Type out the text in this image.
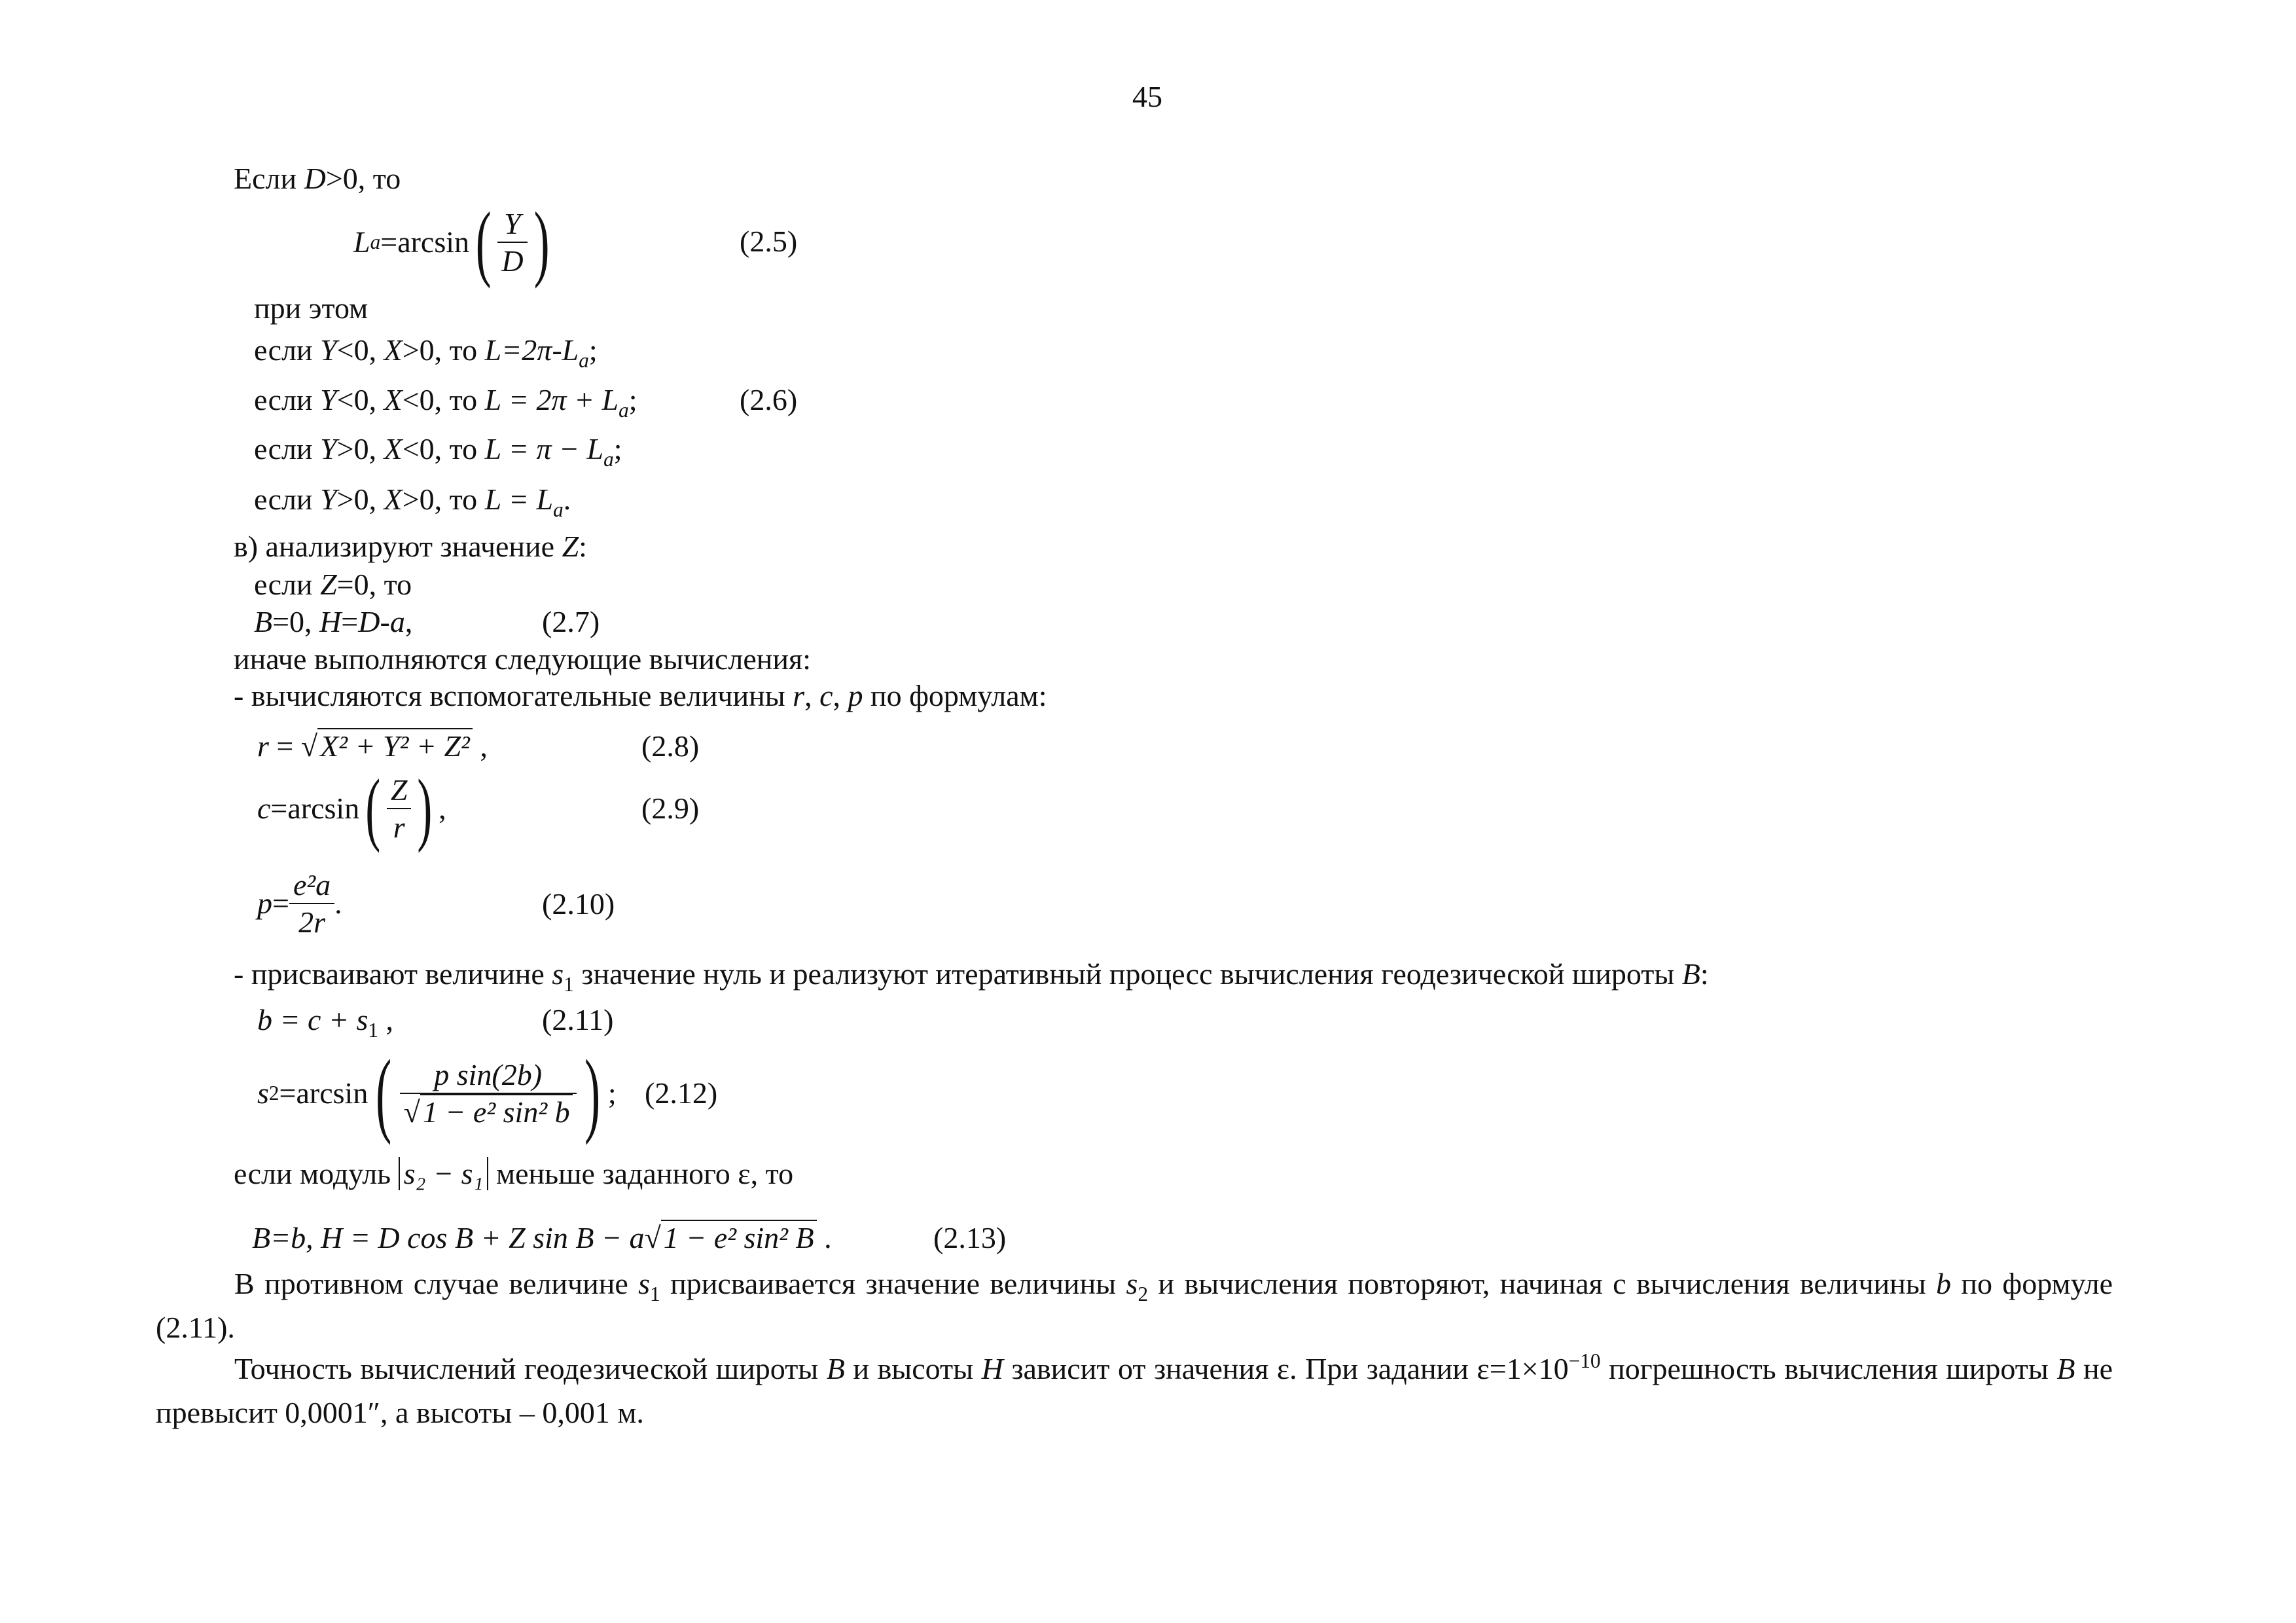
45
Если D>0, то
L a = arcsin ( $\frac{Y}{D}$ )	(2.5)
при этом
если Y<0, X>0, то $L=2\pi-L_a$;
если Y<0, X<0, то $L = 2\pi + L_a$;	(2.6)
если Y>0, X<0, то $L = \pi - L_a$;
если Y>0, X>0, то $L = L_a$.
в) анализируют значение Z:
если Z=0, то
B=0, H=D-a,	(2.7)
иначе выполняются следующие вычисления:
- вычисляются вспомогательные величины r, c, p по формулам:
r = √X² + Y² + Z² ,	(2.8)
c = arcsin ( $\frac{Z}{r}$ ) ,	(2.9)
$p = \frac{\text{e²a}}{2r}$ .	(2.10)
- присваивают величине $s_1$ значение нуль и реализуют итеративный процесс вычисления геодезической широты B:
$b = c + s_1$ ,	(2.11)
s 2 = arcsin ( $\frac{\text{p sin(2b)}}{\text{√1 − e² sin² b}}$ ) ; (2.12)
если модуль s₂ − s₁ меньше заданного ε, то
B=b, H = D cos B + Z sin B − a√1 − e² sin² B .	(2.13)
В противном случае величине $s_1$ присваивается значение величины $s_2$ и вычисления повторяют, начиная с вычисления величины b по формуле (2.11).
Точность вычислений геодезической широты B и высоты H зависит от значения ε. При задании $\varepsilon=1\times 10^{-10}$ погрешность вычисления широты B не превысит 0,0001″, а высоты – 0,001 м.
